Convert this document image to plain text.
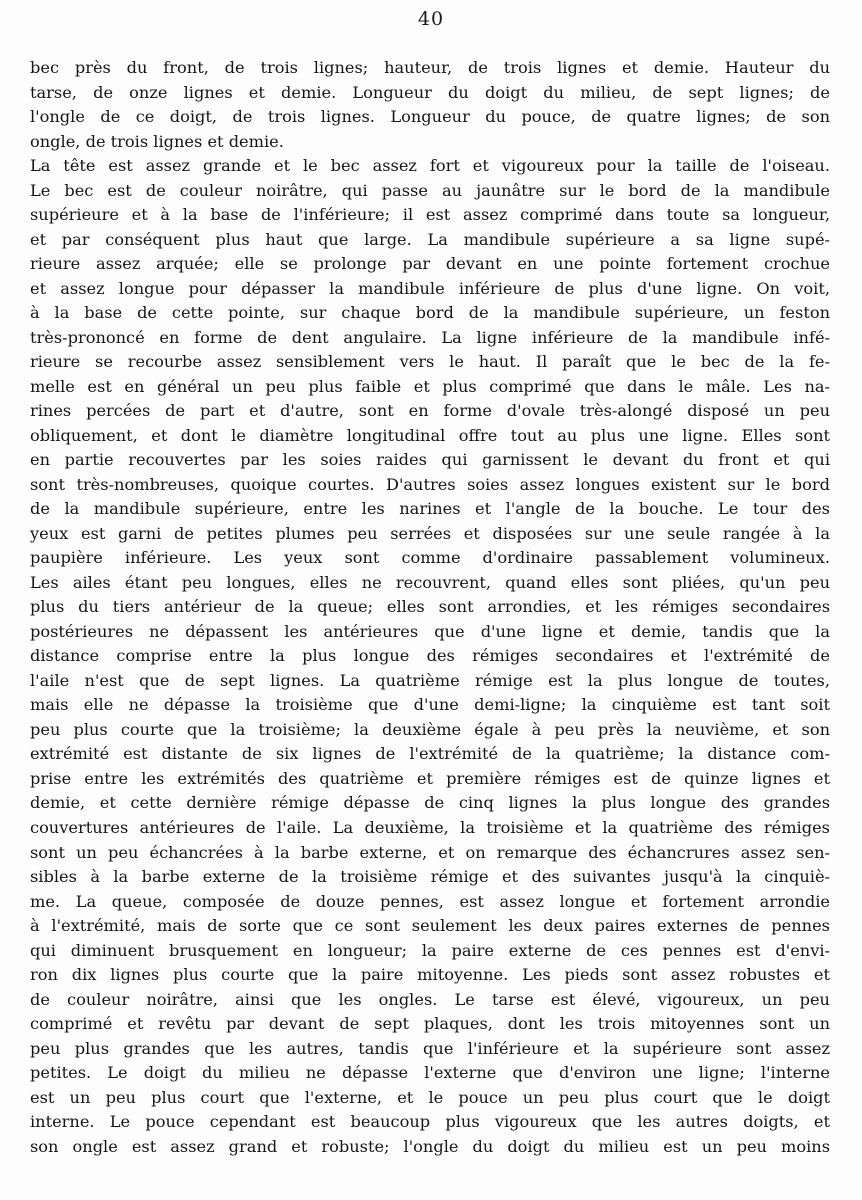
40
bec près du front, de trois lignes; hauteur, de trois lignes et demie. Hauteur du
tarse, de onze lignes et demie. Longueur du doigt du milieu, de sept lignes; de
l'ongle de ce doigt, de trois lignes. Longueur du pouce, de quatre lignes; de son
ongle, de trois lignes et demie.
La tête est assez grande et le bec assez fort et vigoureux pour la taille de l'oiseau.
Le bec est de couleur noirâtre, qui passe au jaunâtre sur le bord de la mandibule
supérieure et à la base de l'inférieure; il est assez comprimé dans toute sa longueur,
et par conséquent plus haut que large. La mandibule supérieure a sa ligne supé-
rieure assez arquée; elle se prolonge par devant en une pointe fortement crochue
et assez longue pour dépasser la mandibule inférieure de plus d'une ligne. On voit,
à la base de cette pointe, sur chaque bord de la mandibule supérieure, un feston
très-prononcé en forme de dent angulaire. La ligne inférieure de la mandibule infé-
rieure se recourbe assez sensiblement vers le haut. Il paraît que le bec de la fe-
melle est en général un peu plus faible et plus comprimé que dans le mâle. Les na-
rines percées de part et d'autre, sont en forme d'ovale très-alongé disposé un peu
obliquement, et dont le diamètre longitudinal offre tout au plus une ligne. Elles sont
en partie recouvertes par les soies raides qui garnissent le devant du front et qui
sont très-nombreuses, quoique courtes. D'autres soies assez longues existent sur le bord
de la mandibule supérieure, entre les narines et l'angle de la bouche. Le tour des
yeux est garni de petites plumes peu serrées et disposées sur une seule rangée à la
paupière inférieure. Les yeux sont comme d'ordinaire passablement volumineux.
Les ailes étant peu longues, elles ne recouvrent, quand elles sont pliées, qu'un peu
plus du tiers antérieur de la queue; elles sont arrondies, et les rémiges secondaires
postérieures ne dépassent les antérieures que d'une ligne et demie, tandis que la
distance comprise entre la plus longue des rémiges secondaires et l'extrémité de
l'aile n'est que de sept lignes. La quatrième rémige est la plus longue de toutes,
mais elle ne dépasse la troisième que d'une demi-ligne; la cinquième est tant soit
peu plus courte que la troisième; la deuxième égale à peu près la neuvième, et son
extrémité est distante de six lignes de l'extrémité de la quatrième; la distance com-
prise entre les extrémités des quatrième et première rémiges est de quinze lignes et
demie, et cette dernière rémige dépasse de cinq lignes la plus longue des grandes
couvertures antérieures de l'aile. La deuxième, la troisième et la quatrième des rémiges
sont un peu échancrées à la barbe externe, et on remarque des échancrures assez sen-
sibles à la barbe externe de la troisième rémige et des suivantes jusqu'à la cinquiè-
me. La queue, composée de douze pennes, est assez longue et fortement arrondie
à l'extrémité, mais de sorte que ce sont seulement les deux paires externes de pennes
qui diminuent brusquement en longueur; la paire externe de ces pennes est d'envi-
ron dix lignes plus courte que la paire mitoyenne. Les pieds sont assez robustes et
de couleur noirâtre, ainsi que les ongles. Le tarse est élevé, vigoureux, un peu
comprimé et revêtu par devant de sept plaques, dont les trois mitoyennes sont un
peu plus grandes que les autres, tandis que l'inférieure et la supérieure sont assez
petites. Le doigt du milieu ne dépasse l'externe que d'environ une ligne; l'interne
est un peu plus court que l'externe, et le pouce un peu plus court que le doigt
interne. Le pouce cependant est beaucoup plus vigoureux que les autres doigts, et
son ongle est assez grand et robuste; l'ongle du doigt du milieu est un peu moins
